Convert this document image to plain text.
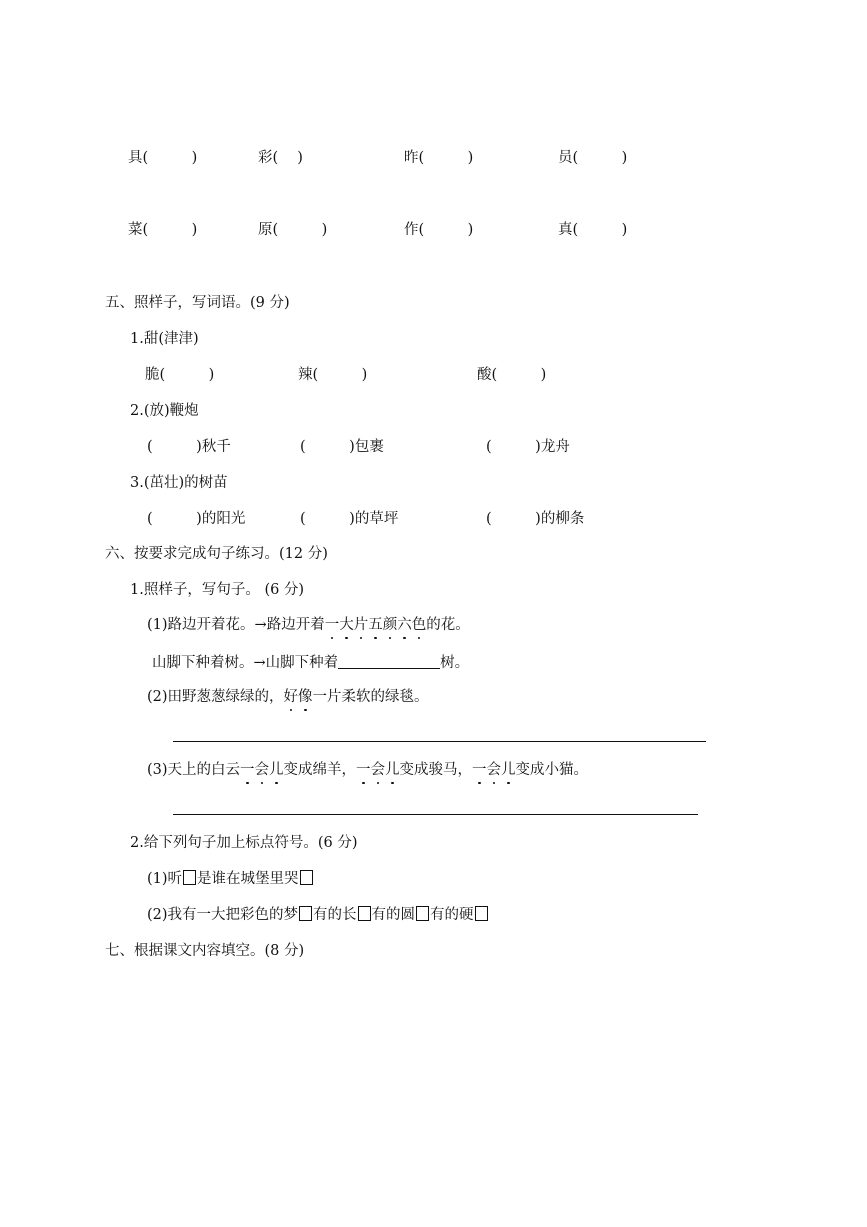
具(　　　)	彩(　 )	昨(　　　)	员(　　　)
菜(　　　)	原(　　　)	作(　　　)	真(　　　)
五、照样子，写词语。(9 分)
1.甜(津津)
脆(　　　)	辣(　　　)	酸(　　　)
2.(放)鞭炮
(　　　)秋千	(　　　)包裹	(　　　)龙舟
3.(茁壮)的树苗
(　　　)的阳光	(　　　)的草坪	(　　　)的柳条
六、按要求完成句子练习。(12 分)
1.照样子，写句子。 (6 分)
(1)路边开着花。→路边开着一大片五颜六色的花。
山脚下种着树。→山脚下种着	树。
(2)田野葱葱绿绿的，好像一片柔软的绿毯。
(3)天上的白云一会儿变成绵羊，一会儿变成骏马，一会儿变成小猫。
2.给下列句子加上标点符号。(6 分)
(1)听 是谁在城堡里哭
(2)我有一大把彩色的梦 有的长 有的圆 有的硬
七、根据课文内容填空。(8 分)
